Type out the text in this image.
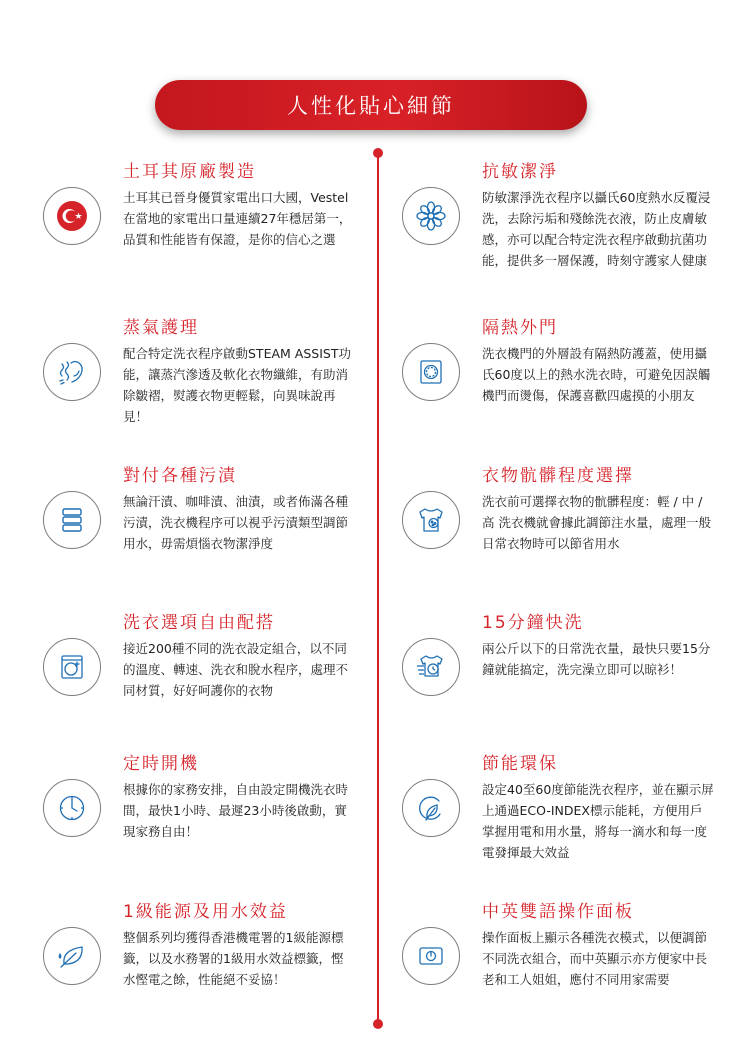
人性化貼心細節
土耳其原廠製造
土耳其已晉身優質家電出口大國，Vestel在當地的家電出口量連續27年穩居第一，品質和性能皆有保證，是你的信心之選
抗敏潔淨
防敏潔淨洗衣程序以攝氏60度熱水反覆浸洗，去除污垢和殘餘洗衣液，防止皮膚敏感，亦可以配合特定洗衣程序啟動抗菌功能，提供多一層保護，時刻守護家人健康
蒸氣護理
配合特定洗衣程序啟動STEAM ASSIST功能，讓蒸汽滲透及軟化衣物纖維，有助消除皺褶，熨護衣物更輕鬆，向異味說再見！
隔熱外門
洗衣機門的外層設有隔熱防護蓋，使用攝氏60度以上的熱水洗衣時，可避免因誤觸機門而燙傷，保護喜歡四處摸的小朋友
對付各種污漬
無論汗漬、咖啡漬、油漬，或者佈滿各種污漬，洗衣機程序可以視乎污漬類型調節用水，毋需煩惱衣物潔淨度
衣物骯髒程度選擇
洗衣前可選擇衣物的骯髒程度：輕 / 中 / 高 洗衣機就會據此調節注水量，處理一般日常衣物時可以節省用水
洗衣選項自由配搭
接近200種不同的洗衣設定組合，以不同的溫度、轉速、洗衣和脫水程序，處理不同材質，好好呵護你的衣物
15分鐘快洗
兩公斤以下的日常洗衣量，最快只要15分鐘就能搞定，洗完澡立即可以晾衫！
定時開機
根據你的家務安排，自由設定開機洗衣時間，最快1小時、最遲23小時後啟動，實現家務自由！
節能環保
設定40至60度節能洗衣程序，並在顯示屏上通過ECO-INDEX標示能耗，方便用戶掌握用電和用水量，將每一滴水和每一度電發揮最大效益
1級能源及用水效益
整個系列均獲得香港機電署的1級能源標籤，以及水務署的1級用水效益標籤，慳水慳電之餘，性能絕不妥協！
中英雙語操作面板
操作面板上顯示各種洗衣模式，以便調節不同洗衣組合，而中英顯示亦方便家中長老和工人姐姐，應付不同用家需要
